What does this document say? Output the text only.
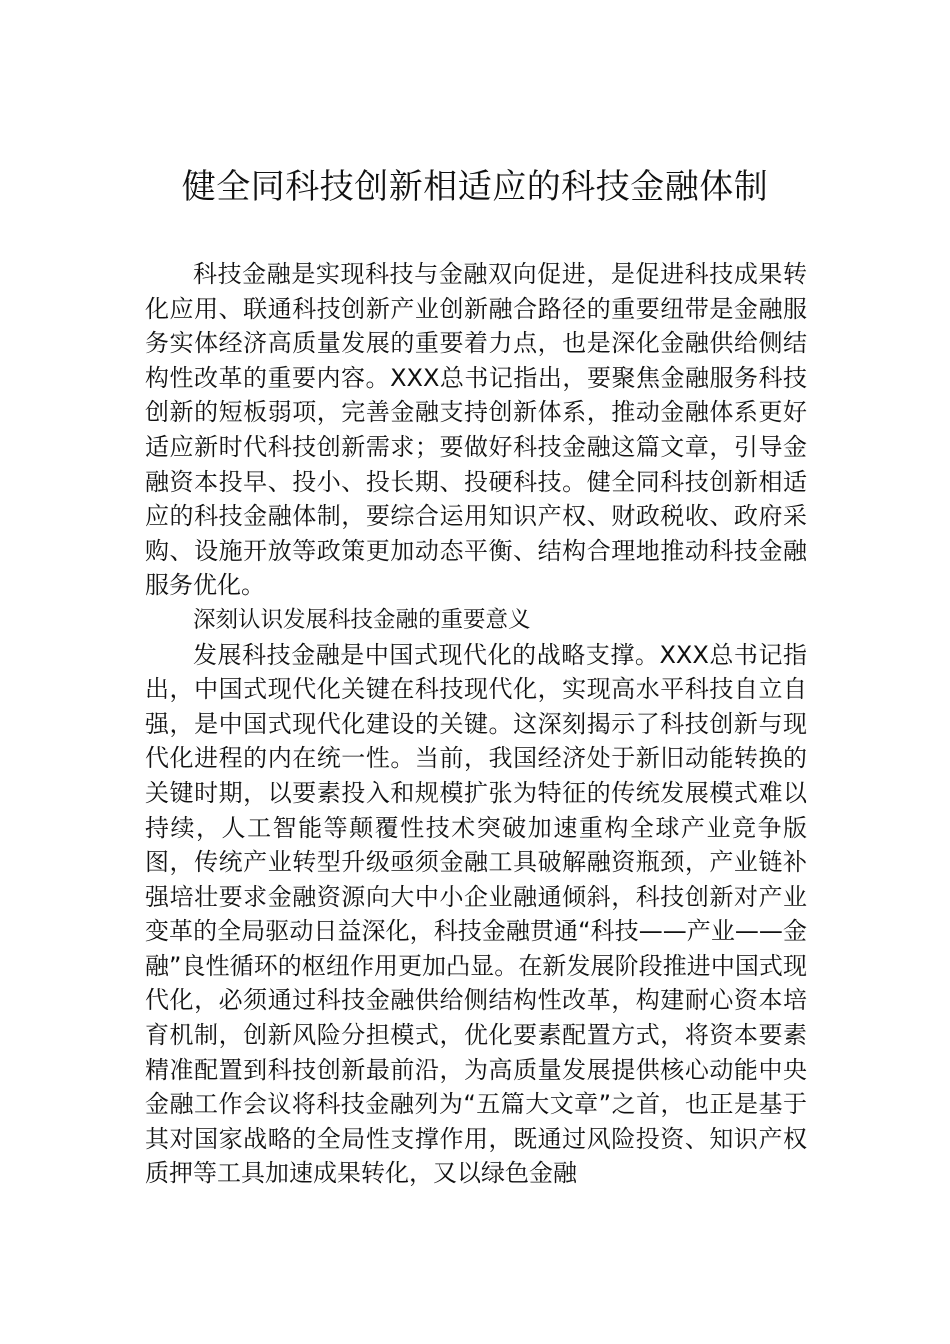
健全同科技创新相适应的科技金融体制

科技金融是实现科技与金融双向促进，是促进科技成果转化应用、联通科技创新产业创新融合路径的重要纽带是金融服务实体经济高质量发展的重要着力点，也是深化金融供给侧结构性改革的重要内容。XXX总书记指出，要聚焦金融服务科技创新的短板弱项，完善金融支持创新体系，推动金融体系更好适应新时代科技创新需求；要做好科技金融这篇文章，引导金融资本投早、投小、投长期、投硬科技。健全同科技创新相适应的科技金融体制，要综合运用知识产权、财政税收、政府采购、设施开放等政策更加动态平衡、结构合理地推动科技金融服务优化。

深刻认识发展科技金融的重要意义

发展科技金融是中国式现代化的战略支撑。XXX总书记指出，中国式现代化关键在科技现代化，实现高水平科技自立自强，是中国式现代化建设的关键。这深刻揭示了科技创新与现代化进程的内在统一性。当前，我国经济处于新旧动能转换的关键时期，以要素投入和规模扩张为特征的传统发展模式难以持续，人工智能等颠覆性技术突破加速重构全球产业竞争版图，传统产业转型升级亟须金融工具破解融资瓶颈，产业链补强培壮要求金融资源向大中小企业融通倾斜，科技创新对产业变革的全局驱动日益深化，科技金融贯通“科技——产业——金融”良性循环的枢纽作用更加凸显。在新发展阶段推进中国式现代化，必须通过科技金融供给侧结构性改革，构建耐心资本培育机制，创新风险分担模式，优化要素配置方式，将资本要素精准配置到科技创新最前沿，为高质量发展提供核心动能中央金融工作会议将科技金融列为“五篇大文章”之首，也正是基于其对国家战略的全局性支撑作用，既通过风险投资、知识产权质押等工具加速成果转化，又以绿色金融
